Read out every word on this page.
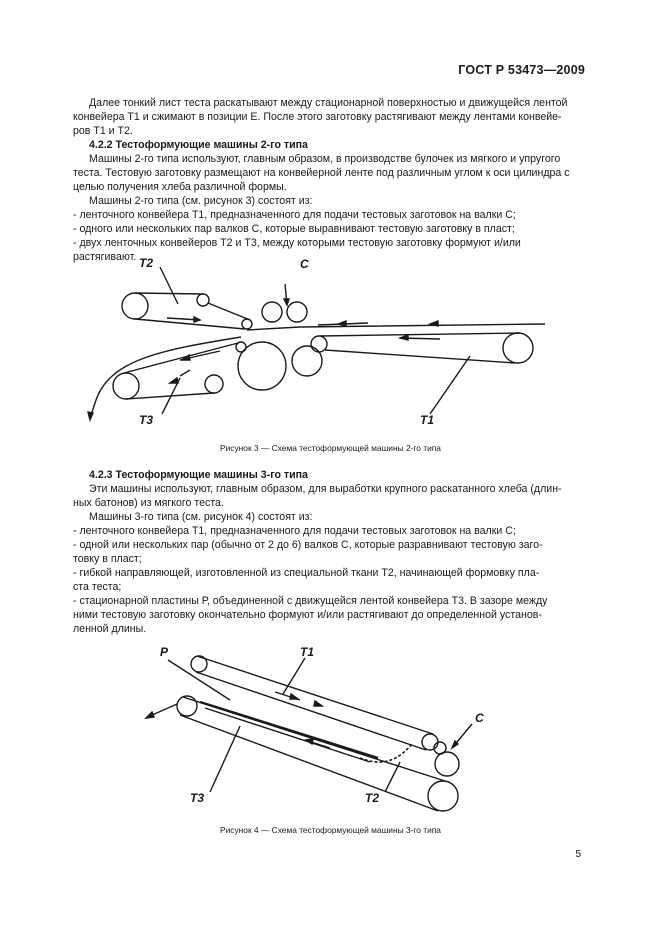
ГОСТ Р 53473—2009

Далее тонкий лист теста раскатывают между стационарной поверхностью и движущейся лентой

конвейера Т1 и сжимают в позиции Е. После этого заготовку растягивают между лентами конвейе-

ров Т1 и Т2.

4.2.2 Тестоформующие машины 2-го типа

Машины 2-го типа используют, главным образом, в производстве булочек из мягкого и упругого

теста. Тестовую заготовку размещают на конвейерной ленте под различным углом к оси цилиндра с

целью получения хлеба различной формы.

Машины 2-го типа (см. рисунок 3) состоят из:

- ленточного конвейера Т1, предназначенного для подачи тестовых заготовок на валки С;

- одного или нескольких пар валков С, которые выравнивают тестовую заготовку в пласт;

- двух ленточных конвейеров Т2 и Т3, между которыми тестовую заготовку формуют и/или

растягивают. Т2	С
Т3	Т1
Рисунок 3 — Схема тестоформующей машины 2-го типа

4.2.3 Тестоформующие машины 3-го типа

Эти машины используют, главным образом, для выработки крупного раскатанного хлеба (длин-

ных батонов) из мягкого теста.

Машины 3-го типа (см. рисунок 4) состоят из:

- ленточного конвейера Т1, предназначенного для подачи тестовых заготовок на валки С;

- одной или нескольких пар (обычно от 2 до 6) валков С, которые разравнивают тестовую заго-

товку в пласт;

- гибкой направляющей, изготовленной из специальной ткани Т2, начинающей формовку пла-

ста теста;

- стационарной пластины Р, объединенной с движущейся лентой конвейера Т3. В зазоре между

ними тестовую заготовку окончательно формуют и/или растягивают до определенной установ-

ленной длины.

Р	Т1
С
Т3	Т2
Рисунок 4 — Схема тестоформующей машины 3-го типа
5
